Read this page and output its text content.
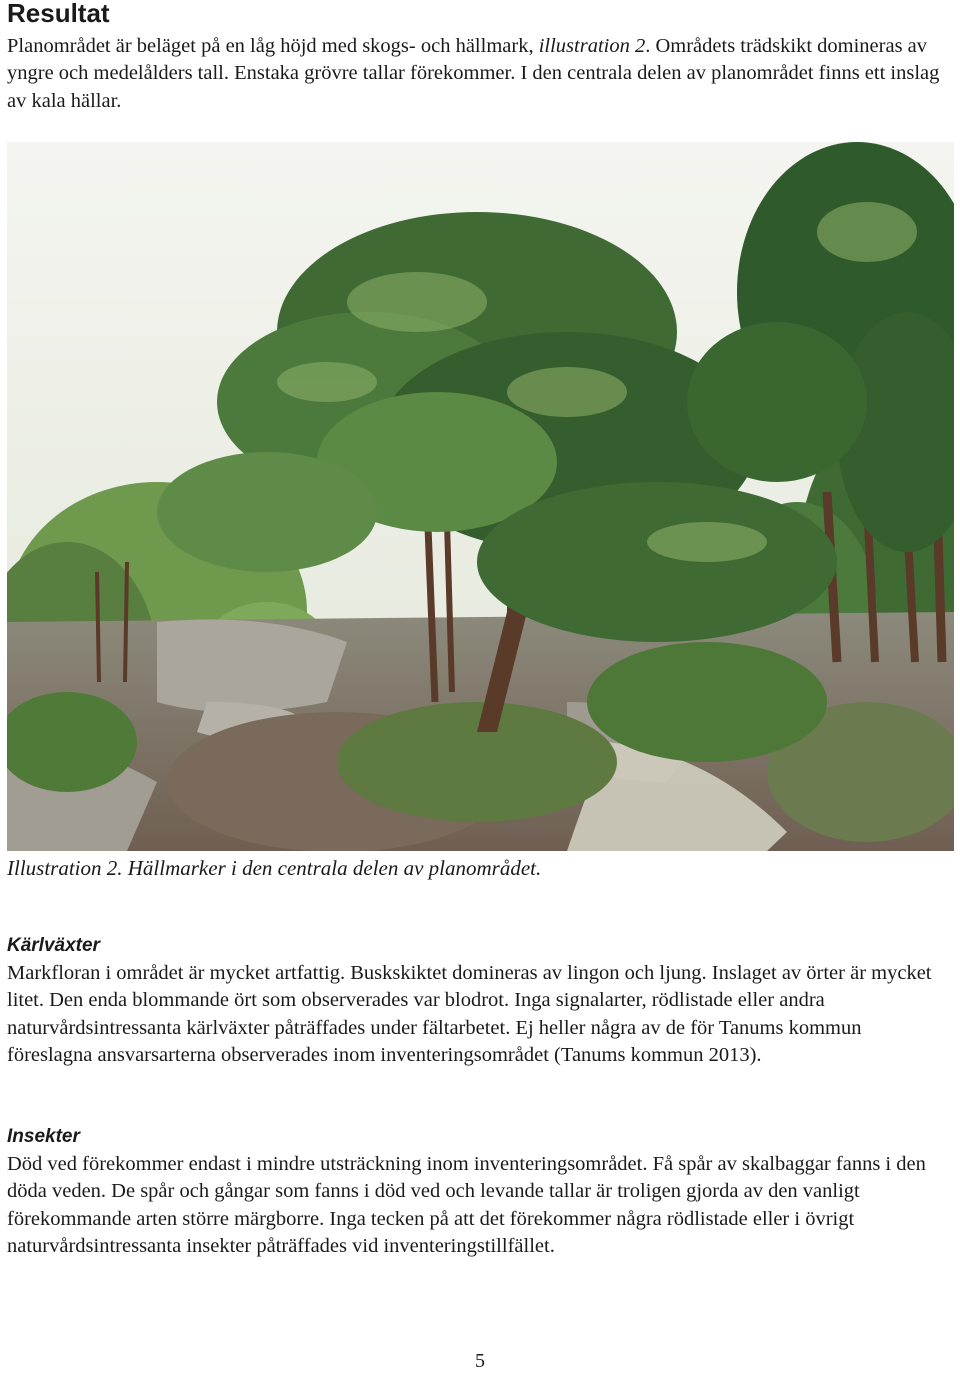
Resultat

Planområdet är beläget på en låg höjd med skogs- och hällmark, illustration 2. Områdets trädskikt domineras av yngre och medelålders tall. Enstaka grövre tallar förekommer. I den centrala delen av planområdet finns ett inslag av kala hällar.

Illustration 2. Hällmarker i den centrala delen av planområdet.

Kärlväxter

Markfloran i området är mycket artfattig. Buskskiktet domineras av lingon och ljung. Inslaget av örter är mycket litet. Den enda blommande ört som observerades var blodrot. Inga signalarter, rödlistade eller andra naturvårdsintressanta kärlväxter påträffades under fältarbetet. Ej heller några av de för Tanums kommun föreslagna ansvarsarterna observerades inom inventeringsområdet (Tanums kommun 2013).

Insekter

Död ved förekommer endast i mindre utsträckning inom inventeringsområdet. Få spår av skalbaggar fanns i den döda veden. De spår och gångar som fanns i död ved och levande tallar är troligen gjorda av den vanligt förekommande arten större märgborre. Inga tecken på att det förekommer några rödlistade eller i övrigt naturvårdsintressanta insekter påträffades vid inventeringstillfället.

5
